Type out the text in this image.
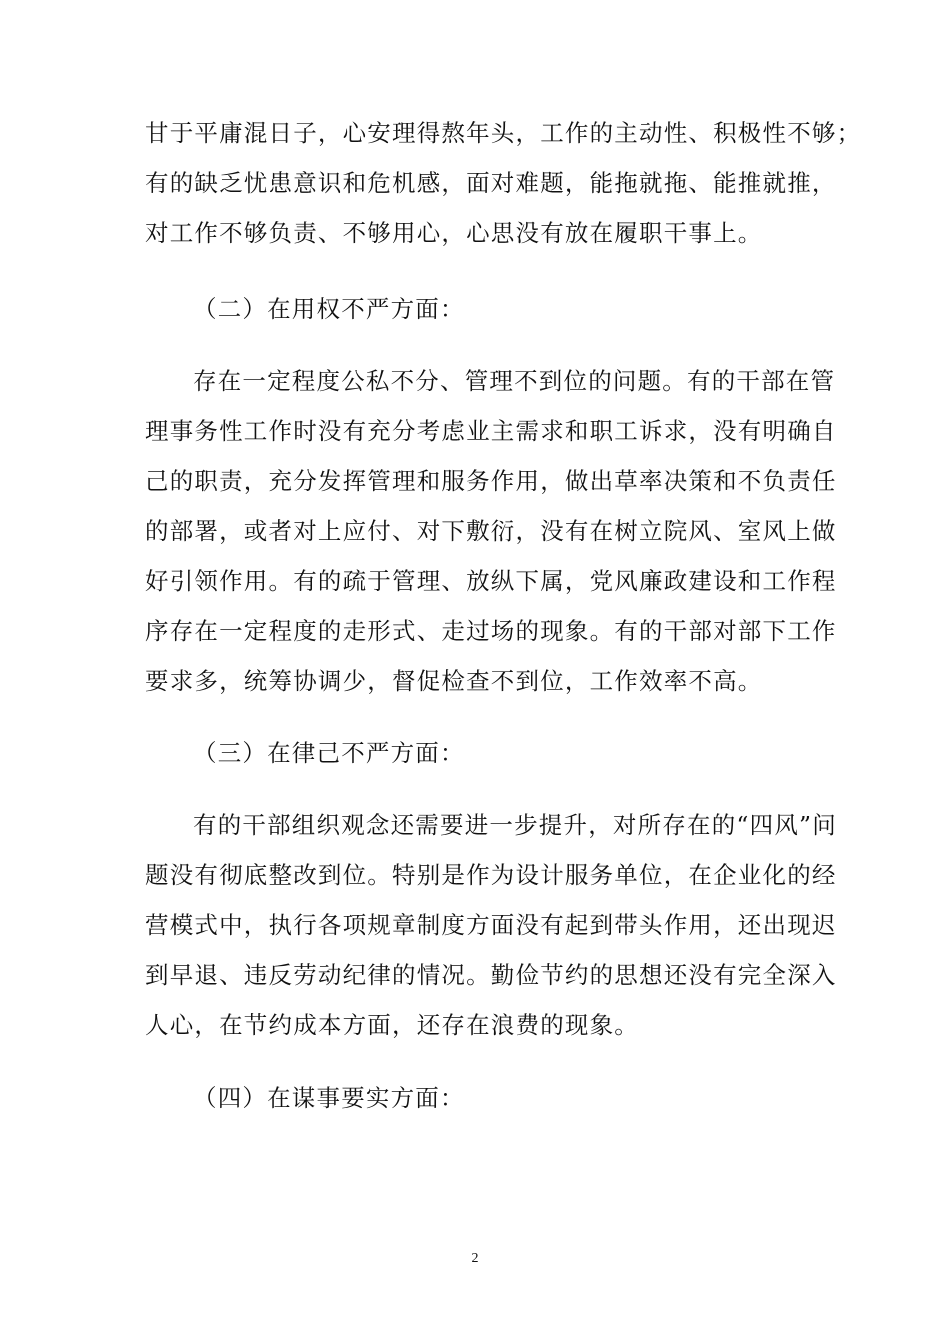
甘于平庸混日子，心安理得熬年头，工作的主动性、积极性不够；
有的缺乏忧患意识和危机感，面对难题，能拖就拖、能推就推，
对工作不够负责、不够用心，心思没有放在履职干事上。
（二）在用权不严方面：
存在一定程度公私不分、管理不到位的问题。有的干部在管
理事务性工作时没有充分考虑业主需求和职工诉求，没有明确自
己的职责，充分发挥管理和服务作用，做出草率决策和不负责任
的部署，或者对上应付、对下敷衍，没有在树立院风、室风上做
好引领作用。有的疏于管理、放纵下属，党风廉政建设和工作程
序存在一定程度的走形式、走过场的现象。有的干部对部下工作
要求多，统筹协调少，督促检查不到位，工作效率不高。
（三）在律己不严方面：
有的干部组织观念还需要进一步提升，对所存在的“四风”问
题没有彻底整改到位。特别是作为设计服务单位，在企业化的经
营模式中，执行各项规章制度方面没有起到带头作用，还出现迟
到早退、违反劳动纪律的情况。勤俭节约的思想还没有完全深入
人心，在节约成本方面，还存在浪费的现象。
（四）在谋事要实方面：
2
